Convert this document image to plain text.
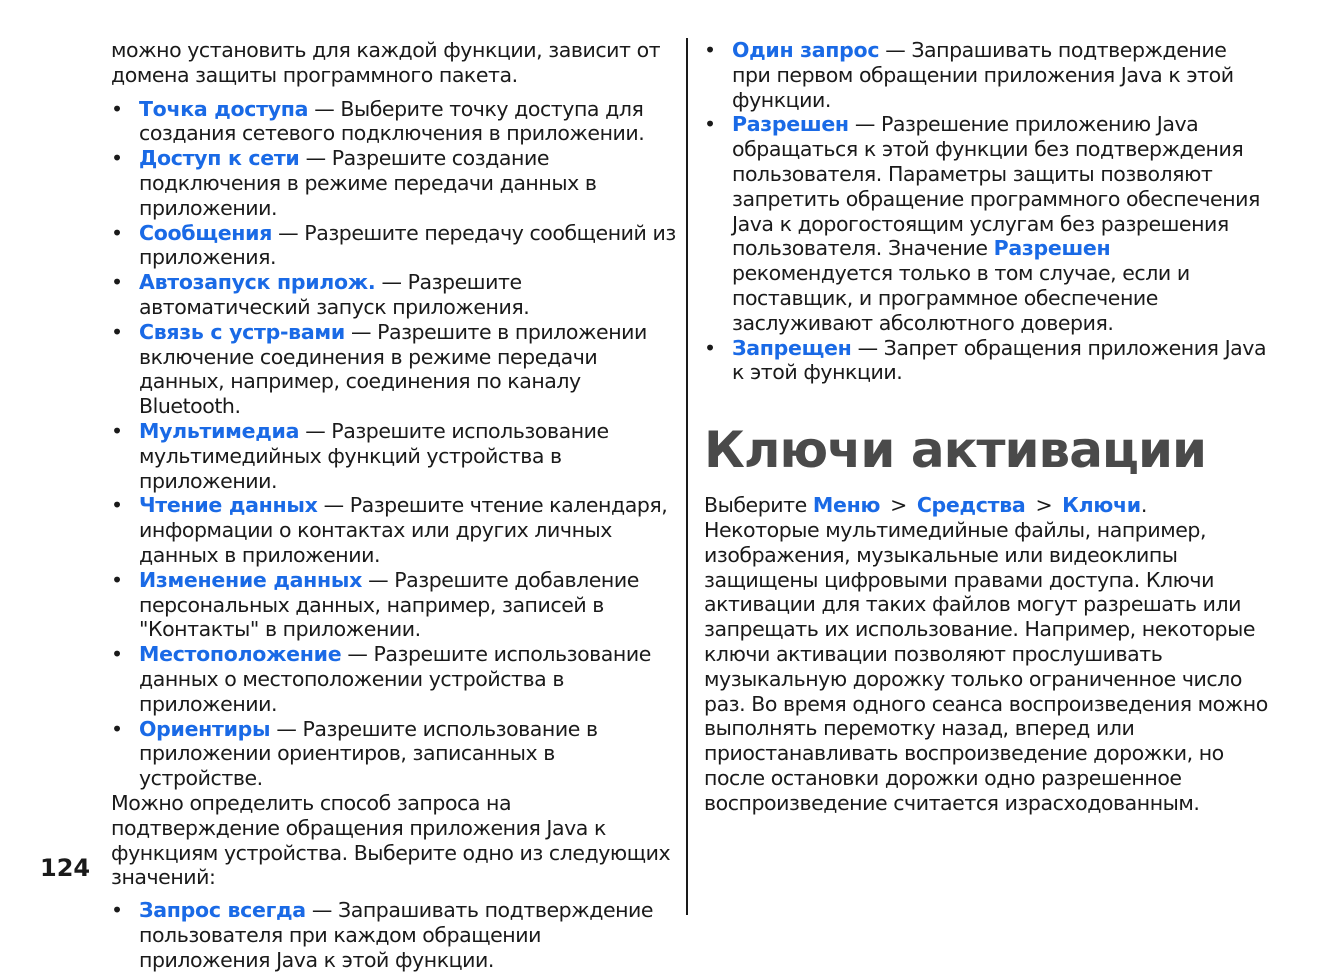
можно установить для каждой функции, зависит от домена защиты программного пакета.

• Точка доступа — Выберите точку доступа для создания сетевого подключения в приложении.
• Доступ к сети — Разрешите создание подключения в режиме передачи данных в приложении.
• Сообщения — Разрешите передачу сообщений из приложения.
• Автозапуск прилож. — Разрешите автоматический запуск приложения.
• Связь с устр-вами — Разрешите в приложении включение соединения в режиме передачи данных, например, соединения по каналу Bluetooth.
• Мультимедиа — Разрешите использование мультимедийных функций устройства в приложении.
• Чтение данных — Разрешите чтение календаря, информации о контактах или других личных данных в приложении.
• Изменение данных — Разрешите добавление персональных данных, например, записей в "Контакты" в приложении.
• Местоположение — Разрешите использование данных о местоположении устройства в приложении.
• Ориентиры — Разрешите использование в приложении ориентиров, записанных в устройстве.

Можно определить способ запроса на подтверждение обращения приложения Java к функциям устройства. Выберите одно из следующих значений:

• Запрос всегда — Запрашивать подтверждение пользователя при каждом обращении приложения Java к этой функции.
• Один запрос — Запрашивать подтверждение при первом обращении приложения Java к этой функции.
• Разрешен — Разрешение приложению Java обращаться к этой функции без подтверждения пользователя. Параметры защиты позволяют запретить обращение программного обеспечения Java к дорогостоящим услугам без разрешения пользователя. Значение Разрешен рекомендуется только в том случае, если и поставщик, и программное обеспечение заслуживают абсолютного доверия.
• Запрещен — Запрет обращения приложения Java к этой функции.
Ключи активации

Выберите Меню > Средства > Ключи.

Некоторые мультимедийные файлы, например, изображения, музыкальные или видеоклипы защищены цифровыми правами доступа. Ключи активации для таких файлов могут разрешать или запрещать их использование. Например, некоторые ключи активации позволяют прослушивать музыкальную дорожку только ограниченное число раз. Во время одного сеанса воспроизведения можно выполнять перемотку назад, вперед или приостанавливать воспроизведение дорожки, но после остановки дорожки одно разрешенное воспроизведение считается израсходованным.

124
